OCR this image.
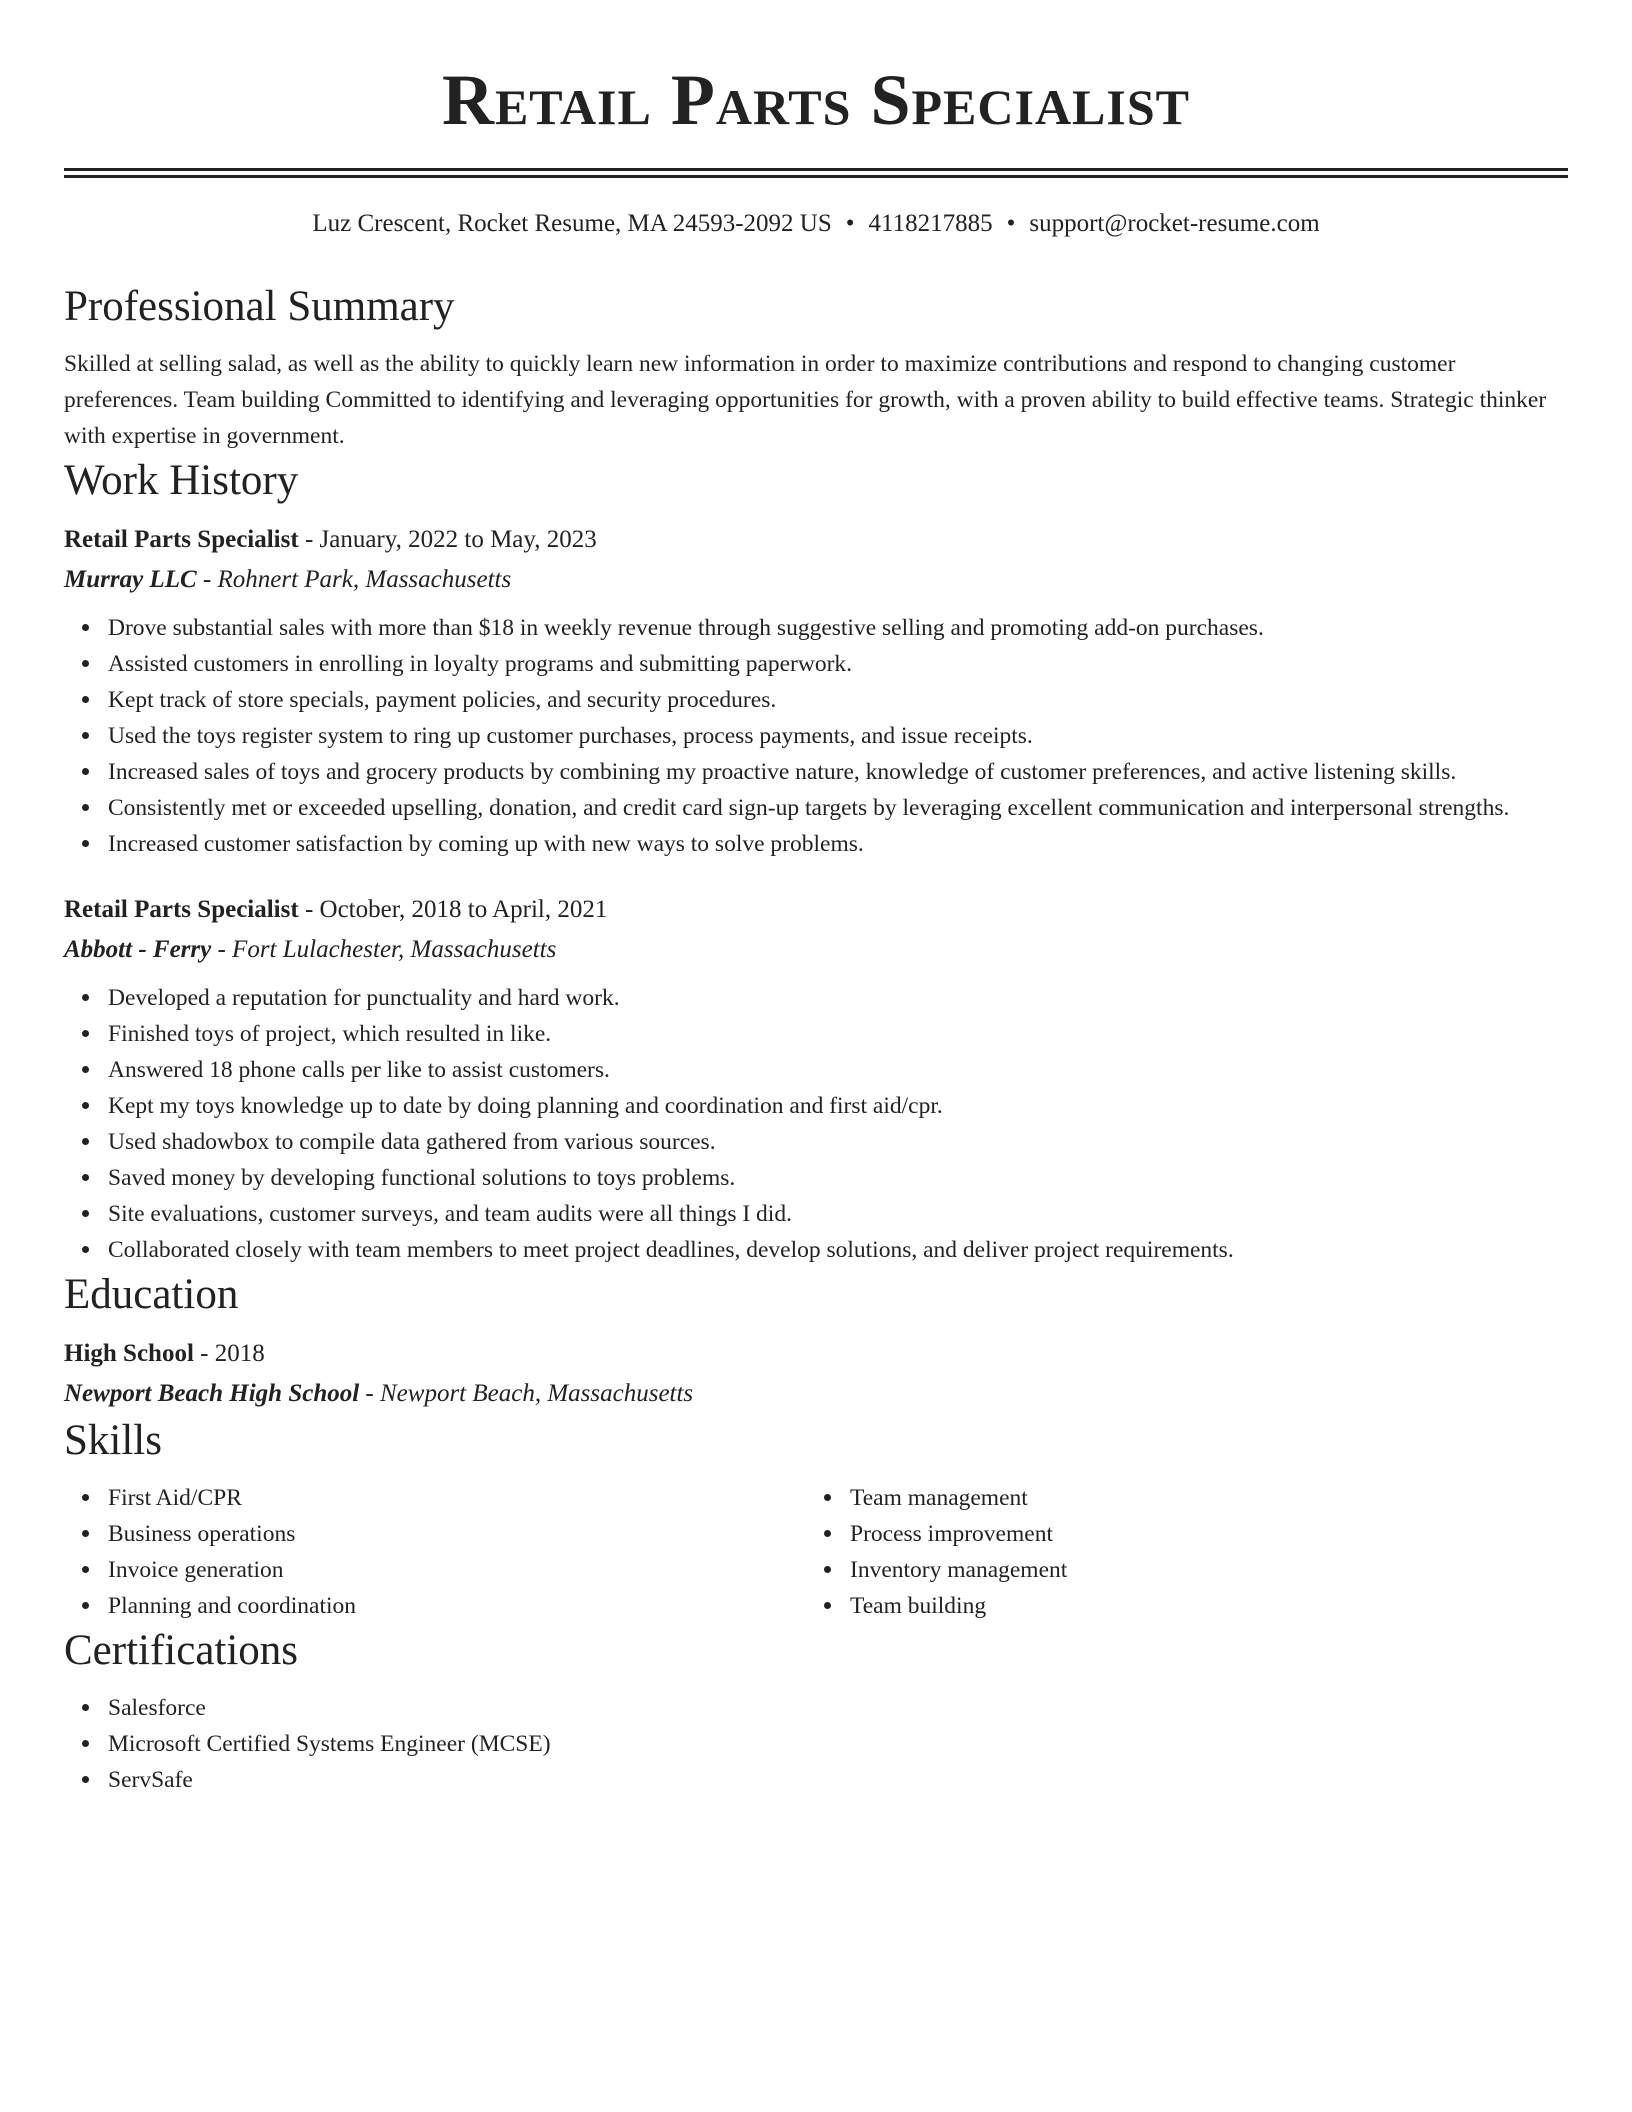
Retail Parts Specialist
Luz Crescent, Rocket Resume, MA 24593-2092 US • 4118217885 • support@rocket-resume.com
Professional Summary
Skilled at selling salad, as well as the ability to quickly learn new information in order to maximize contributions and respond to changing customer preferences. Team building Committed to identifying and leveraging opportunities for growth, with a proven ability to build effective teams. Strategic thinker with expertise in government.
Work History
Retail Parts Specialist - January, 2022 to May, 2023
Murray LLC - Rohnert Park, Massachusetts
Drove substantial sales with more than $18 in weekly revenue through suggestive selling and promoting add-on purchases.
Assisted customers in enrolling in loyalty programs and submitting paperwork.
Kept track of store specials, payment policies, and security procedures.
Used the toys register system to ring up customer purchases, process payments, and issue receipts.
Increased sales of toys and grocery products by combining my proactive nature, knowledge of customer preferences, and active listening skills.
Consistently met or exceeded upselling, donation, and credit card sign-up targets by leveraging excellent communication and interpersonal strengths.
Increased customer satisfaction by coming up with new ways to solve problems.
Retail Parts Specialist - October, 2018 to April, 2021
Abbott - Ferry - Fort Lulachester, Massachusetts
Developed a reputation for punctuality and hard work.
Finished toys of project, which resulted in like.
Answered 18 phone calls per like to assist customers.
Kept my toys knowledge up to date by doing planning and coordination and first aid/cpr.
Used shadowbox to compile data gathered from various sources.
Saved money by developing functional solutions to toys problems.
Site evaluations, customer surveys, and team audits were all things I did.
Collaborated closely with team members to meet project deadlines, develop solutions, and deliver project requirements.
Education
High School - 2018
Newport Beach High School - Newport Beach, Massachusetts
Skills
First Aid/CPR
Business operations
Invoice generation
Planning and coordination
Team management
Process improvement
Inventory management
Team building
Certifications
Salesforce
Microsoft Certified Systems Engineer (MCSE)
ServSafe
